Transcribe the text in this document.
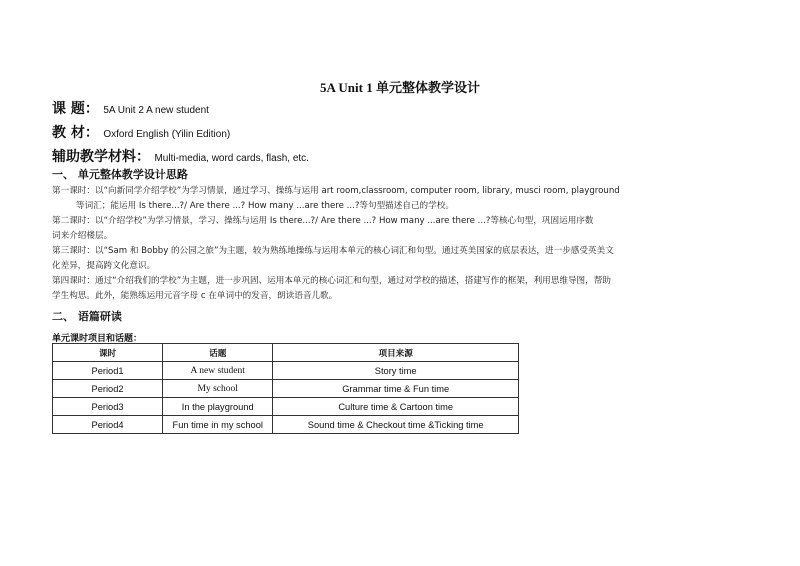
5A Unit 1 单元整体教学设计
课 题： 5A Unit 2 A new student
教 材： Oxford English (Yilin Edition)
辅助教学材料： Multi-media, word cards, flash, etc.
一、 单元整体教学设计思路
第一课时：以“向新同学介绍学校”为学习情景，通过学习、操练与运用 art room,classroom, computer room, library, musci room, playground
等词汇；能运用 Is there...?/ Are there ...? How many ...are there ...?等句型描述自己的学校。
第二课时：以“介绍学校”为学习情景，学习、操练与运用 Is there...?/ Are there ...? How many ...are there ...?等核心句型，巩固运用序数
词来介绍楼层。
第三课时：以“Sam 和 Bobby 的公园之旅”为主题，较为熟练地操练与运用本单元的核心词汇和句型。通过英美国家的底层表达，进一步感受英美文
化差异，提高跨文化意识。
第四课时：通过“介绍我们的学校”为主题，进一步巩固、运用本单元的核心词汇和句型，通过对学校的描述，搭建写作的框架，利用思维导图，帮助
学生构思。此外，能熟练运用元音字母 c 在单词中的发音，朗读语音儿歌。
二、 语篇研读
单元课时项目和话题：
课时	话题	项目来源
Period1	A new student	Story time
Period2	My school	Grammar time & Fun time
Period3	In the playground	Culture time & Cartoon time
Period4	Fun time in my school	Sound time & Checkout time &Ticking time
